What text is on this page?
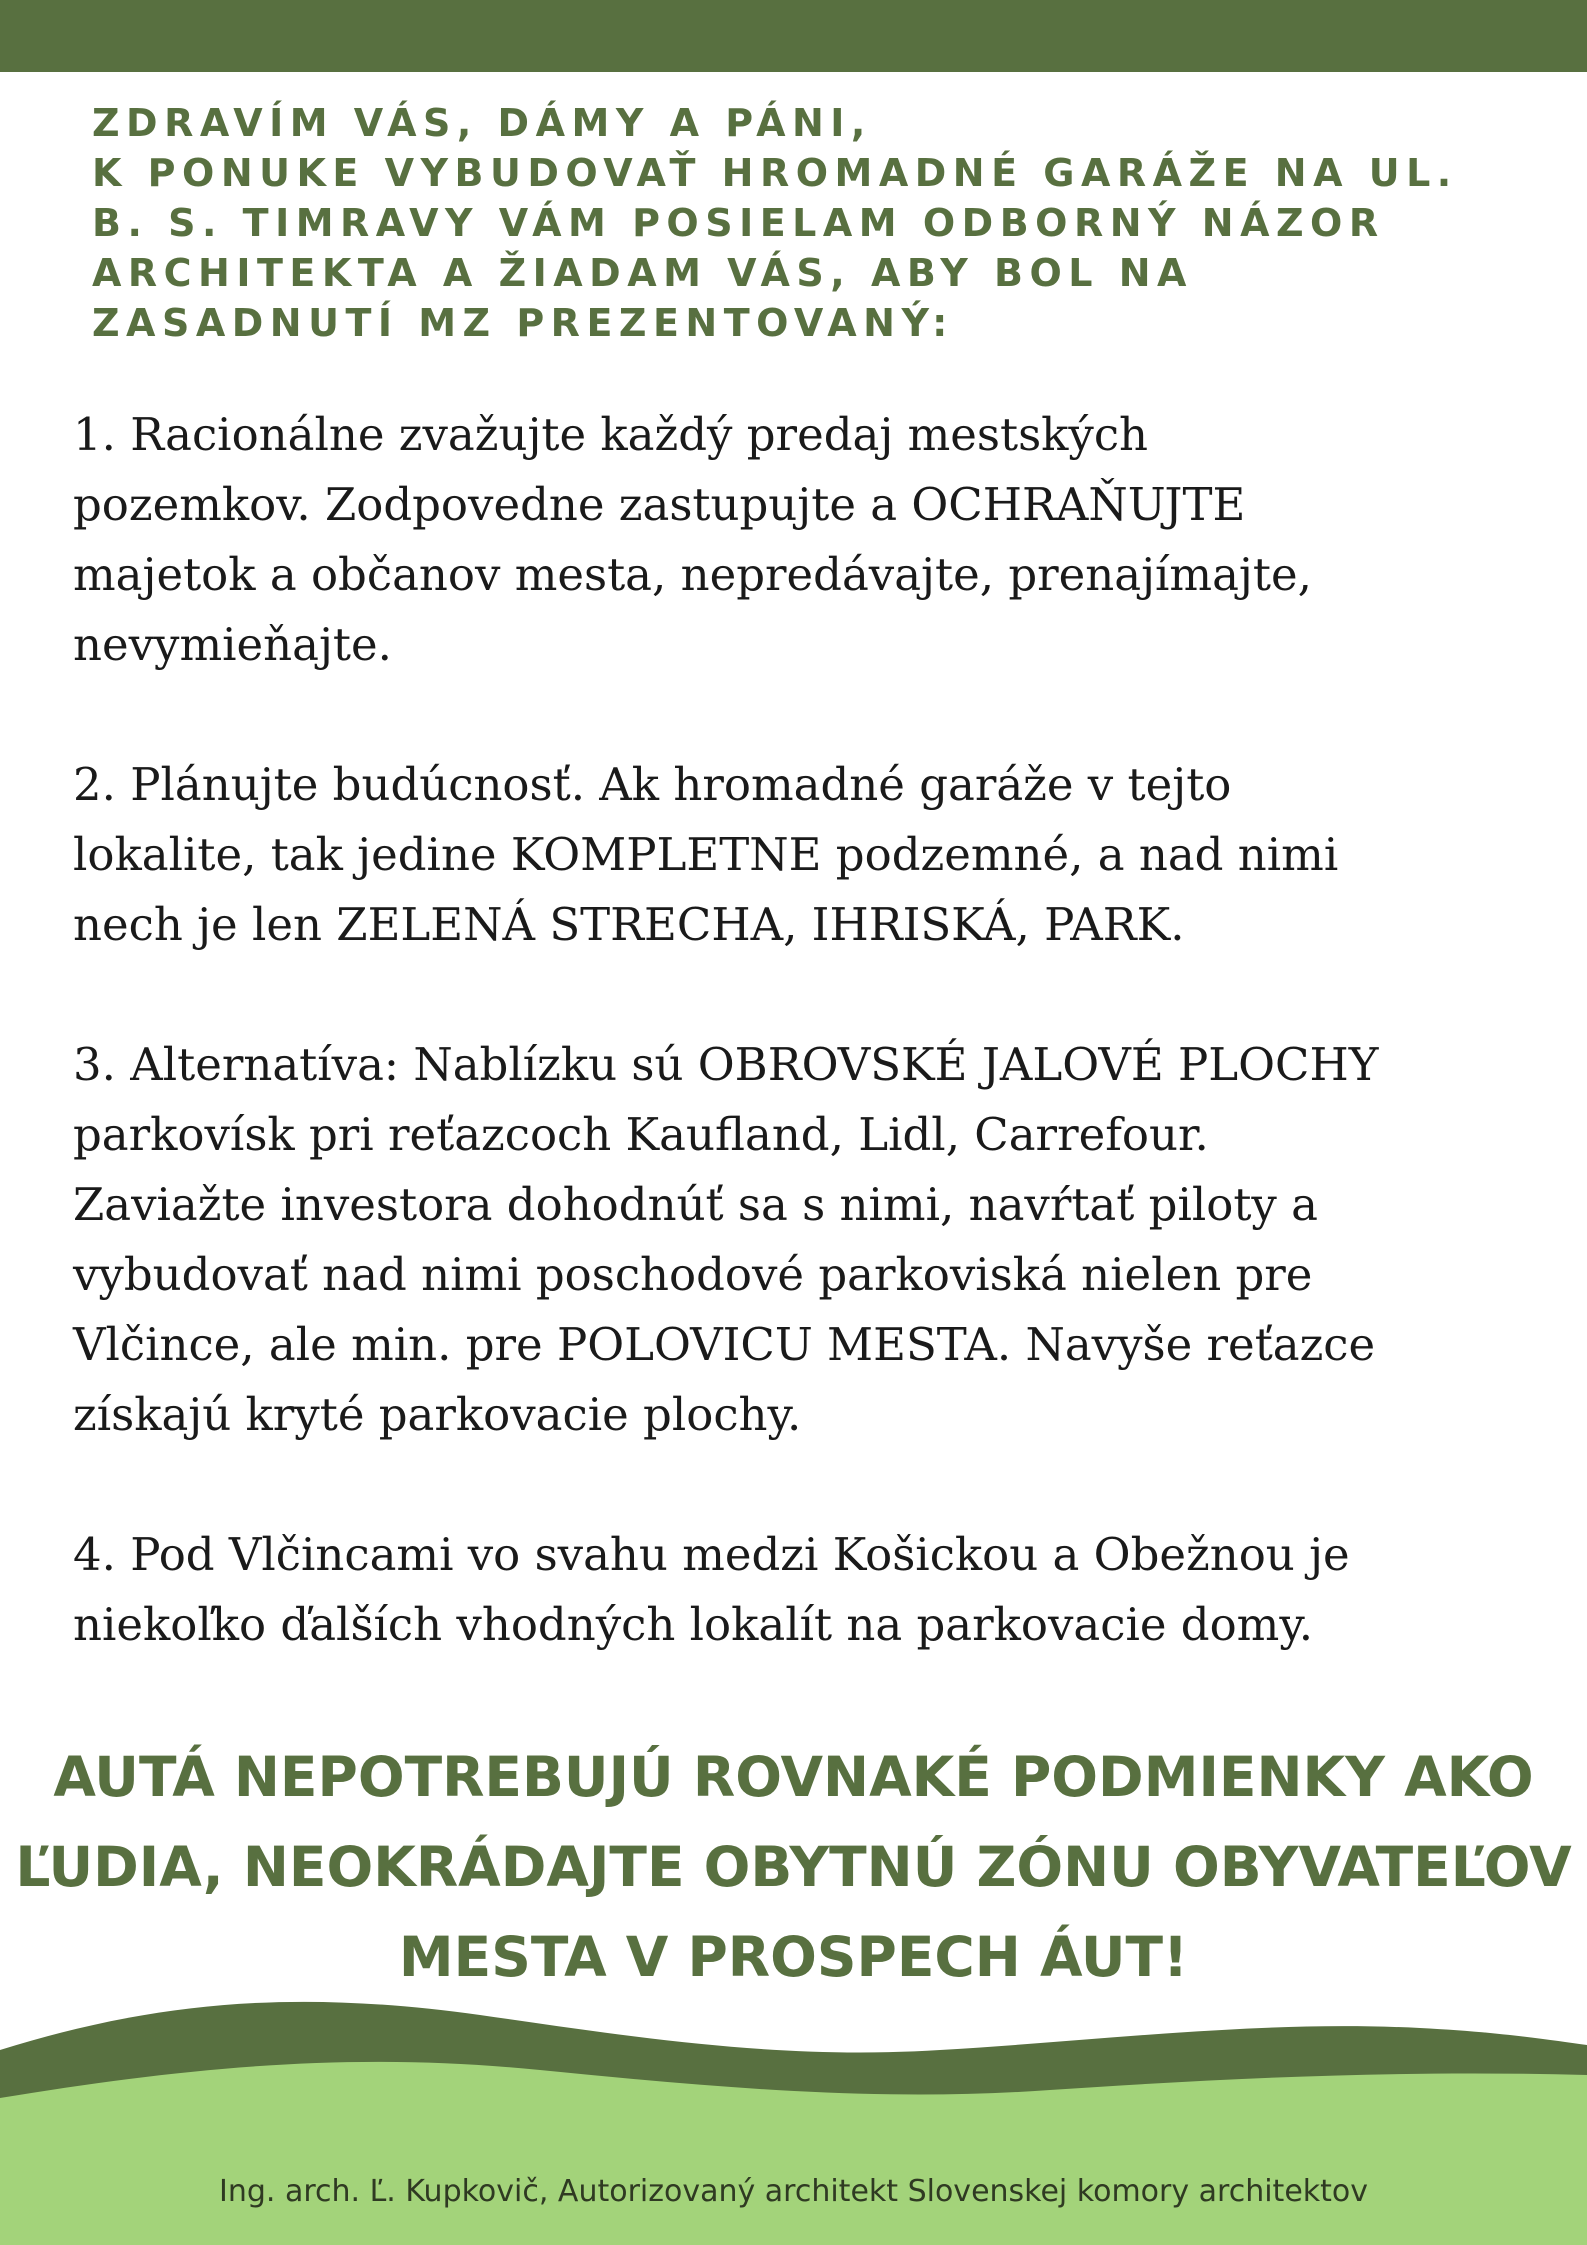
ZDRAVÍM VÁS, DÁMY A PÁNI,
K PONUKE VYBUDOVAŤ HROMADNÉ GARÁŽE NA UL.
B. S. TIMRAVY VÁM POSIELAM ODBORNÝ NÁZOR
ARCHITEKTA A ŽIADAM VÁS, ABY BOL NA
ZASADNUTÍ MZ PREZENTOVANÝ:
1. Racionálne zvažujte každý predaj mestských
pozemkov. Zodpovedne zastupujte a OCHRAŇUJTE
majetok a občanov mesta, nepredávajte, prenajímajte,
nevymieňajte.
2. Plánujte budúcnosť. Ak hromadné garáže v tejto
lokalite, tak jedine KOMPLETNE podzemné, a nad nimi
nech je len ZELENÁ STRECHA, IHRISKÁ, PARK.
3. Alternatíva: Nablízku sú OBROVSKÉ JALOVÉ PLOCHY
parkovísk pri reťazcoch Kaufland, Lidl, Carrefour.
Zaviažte investora dohodnúť sa s nimi, navŕtať piloty a
vybudovať nad nimi poschodové parkoviská nielen pre
Vlčince, ale min. pre POLOVICU MESTA. Navyše reťazce
získajú kryté parkovacie plochy.
4. Pod Vlčincami vo svahu medzi Košickou a Obežnou je
niekoľko ďalších vhodných lokalít na parkovacie domy.
AUTÁ NEPOTREBUJÚ ROVNAKÉ PODMIENKY AKO
ĽUDIA, NEOKRÁDAJTE OBYTNÚ ZÓNU OBYVATEĽOV
MESTA V PROSPECH ÁUT!
Ing. arch. Ľ. Kupkovič, Autorizovaný architekt Slovenskej komory architektov
